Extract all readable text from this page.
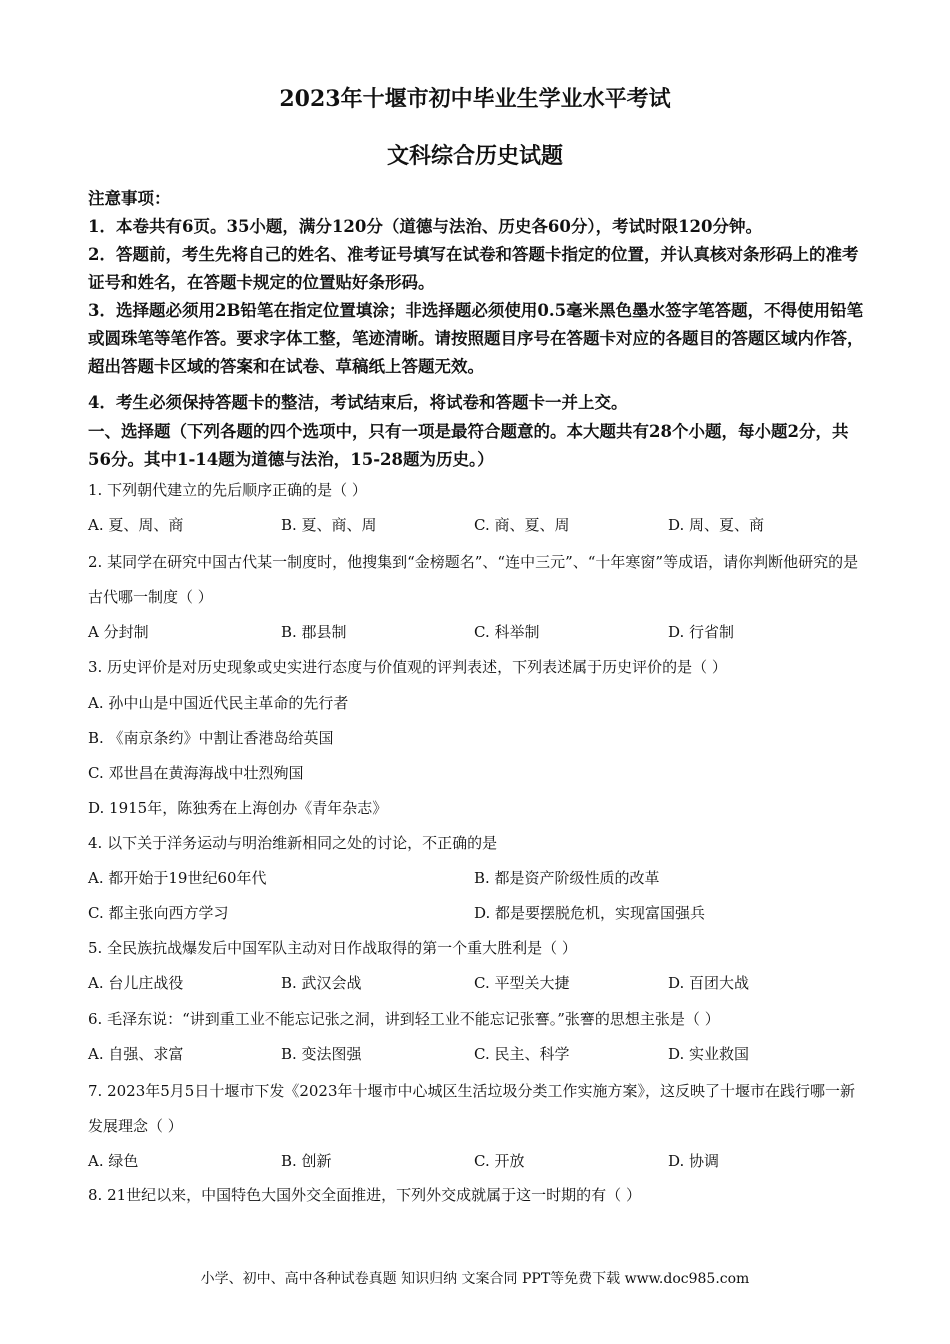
2023年十堰市初中毕业生学业水平考试
文科综合历史试题
注意事项：
1．本卷共有6页。35小题，满分120分（道德与法治、历史各60分），考试时限120分钟。
2．答题前，考生先将自己的姓名、准考证号填写在试卷和答题卡指定的位置，并认真核对条形码上的准考证号和姓名，在答题卡规定的位置贴好条形码。
3．选择题必须用2B铅笔在指定位置填涂；非选择题必须使用0.5毫米黑色墨水签字笔答题，不得使用铅笔或圆珠笔等笔作答。要求字体工整，笔迹清晰。请按照题目序号在答题卡对应的各题目的答题区域内作答，超出答题卡区域的答案和在试卷、草稿纸上答题无效。
4．考生必须保持答题卡的整洁，考试结束后，将试卷和答题卡一并上交。
一、选择题（下列各题的四个选项中，只有一项是最符合题意的。本大题共有28个小题，每小题2分，共56分。其中1-14题为道德与法治，15-28题为历史。）
1. 下列朝代建立的先后顺序正确的是（ ）
A. 夏、周、商	B. 夏、商、周	C. 商、夏、周	D. 周、夏、商
2. 某同学在研究中国古代某一制度时，他搜集到“金榜题名”、“连中三元”、“十年寒窗”等成语，请你判断他研究的是古代哪一制度（ ）
A 分封制	B. 郡县制	C. 科举制	D. 行省制
3. 历史评价是对历史现象或史实进行态度与价值观的评判表述，下列表述属于历史评价的是（ ）
A. 孙中山是中国近代民主革命的先行者
B. 《南京条约》中割让香港岛给英国
C. 邓世昌在黄海海战中壮烈殉国
D. 1915年，陈独秀在上海创办《青年杂志》
4. 以下关于洋务运动与明治维新相同之处的讨论，不正确的是
A. 都开始于19世纪60年代	B. 都是资产阶级性质的改革
C. 都主张向西方学习	D. 都是要摆脱危机，实现富国强兵
5. 全民族抗战爆发后中国军队主动对日作战取得的第一个重大胜利是（ ）
A. 台儿庄战役	B. 武汉会战	C. 平型关大捷	D. 百团大战
6. 毛泽东说：“讲到重工业不能忘记张之洞，讲到轻工业不能忘记张謇。”张謇的思想主张是（ ）
A. 自强、求富	B. 变法图强	C. 民主、科学	D. 实业救国
7. 2023年5月5日十堰市下发《2023年十堰市中心城区生活垃圾分类工作实施方案》，这反映了十堰市在践行哪一新发展理念（ ）
A. 绿色	B. 创新	C. 开放	D. 协调
8. 21世纪以来，中国特色大国外交全面推进，下列外交成就属于这一时期的有（ ）
小学、初中、高中各种试卷真题 知识归纳 文案合同 PPT等免费下载 www.doc985.com
